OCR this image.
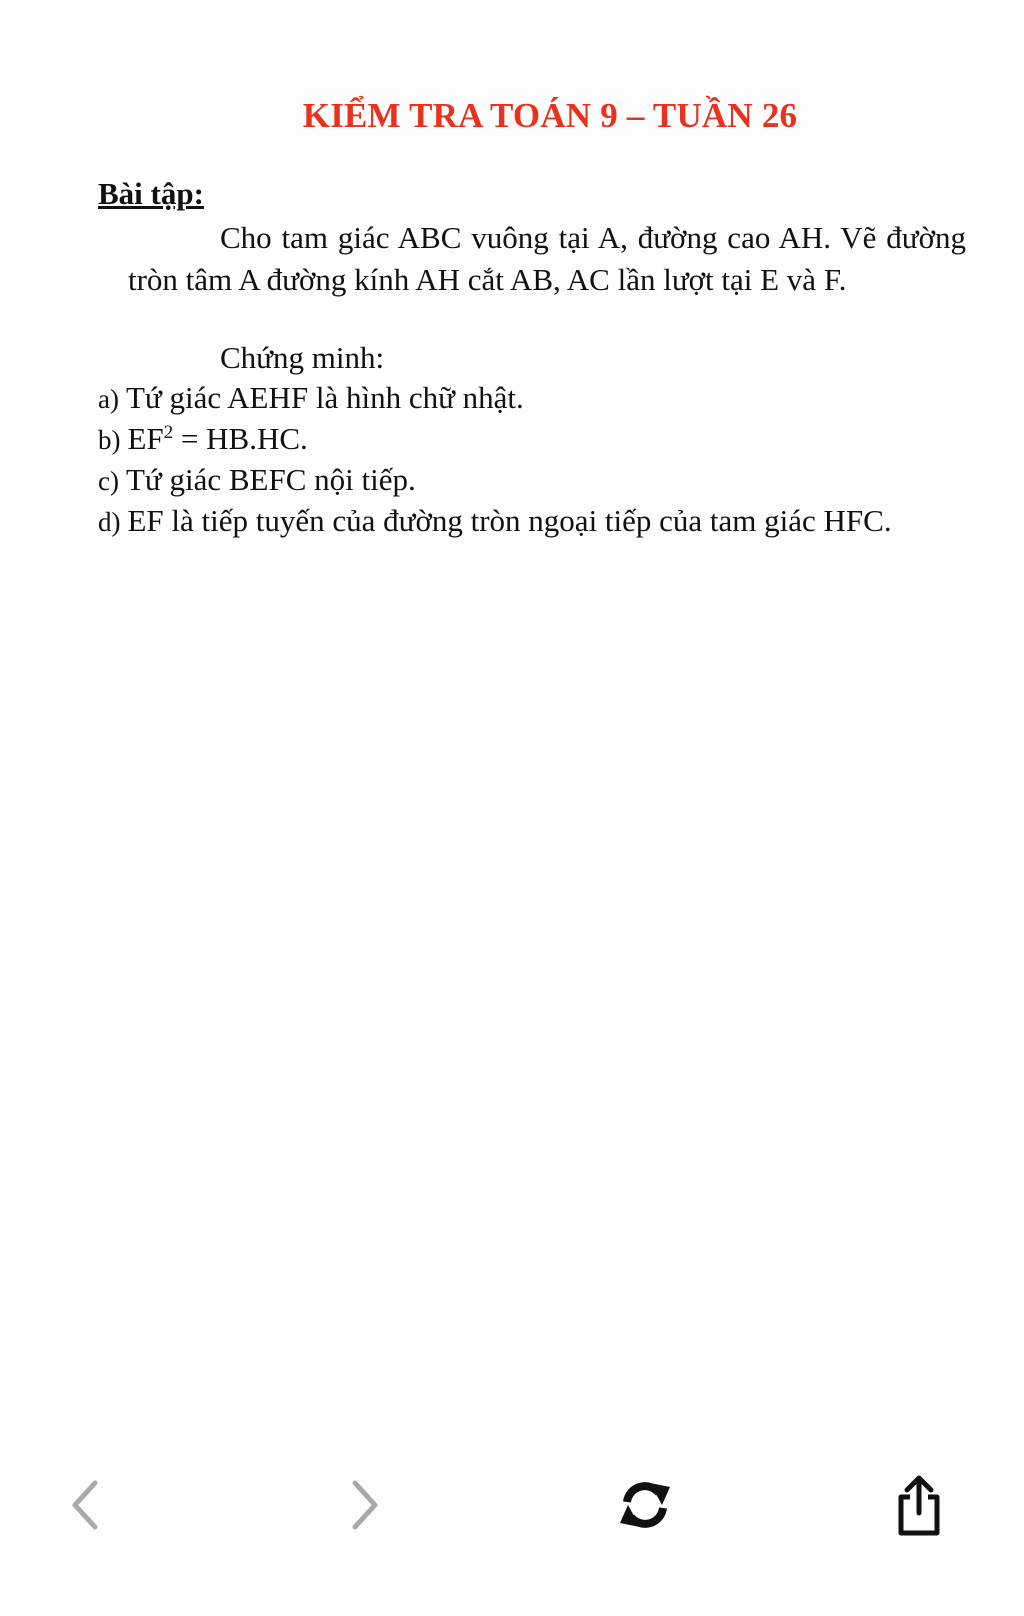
KIỂM TRA TOÁN 9 – TUẦN 26
Bài tập:
Cho tam giác ABC vuông tại A, đường cao AH. Vẽ đường tròn tâm A đường kính AH cắt AB, AC lần lượt tại E và F.
Chứng minh:
a) Tứ giác AEHF là hình chữ nhật.
b) $EF^2 = HB.HC$.
c) Tứ giác BEFC nội tiếp.
d) EF là tiếp tuyến của đường tròn ngoại tiếp của tam giác HFC.
